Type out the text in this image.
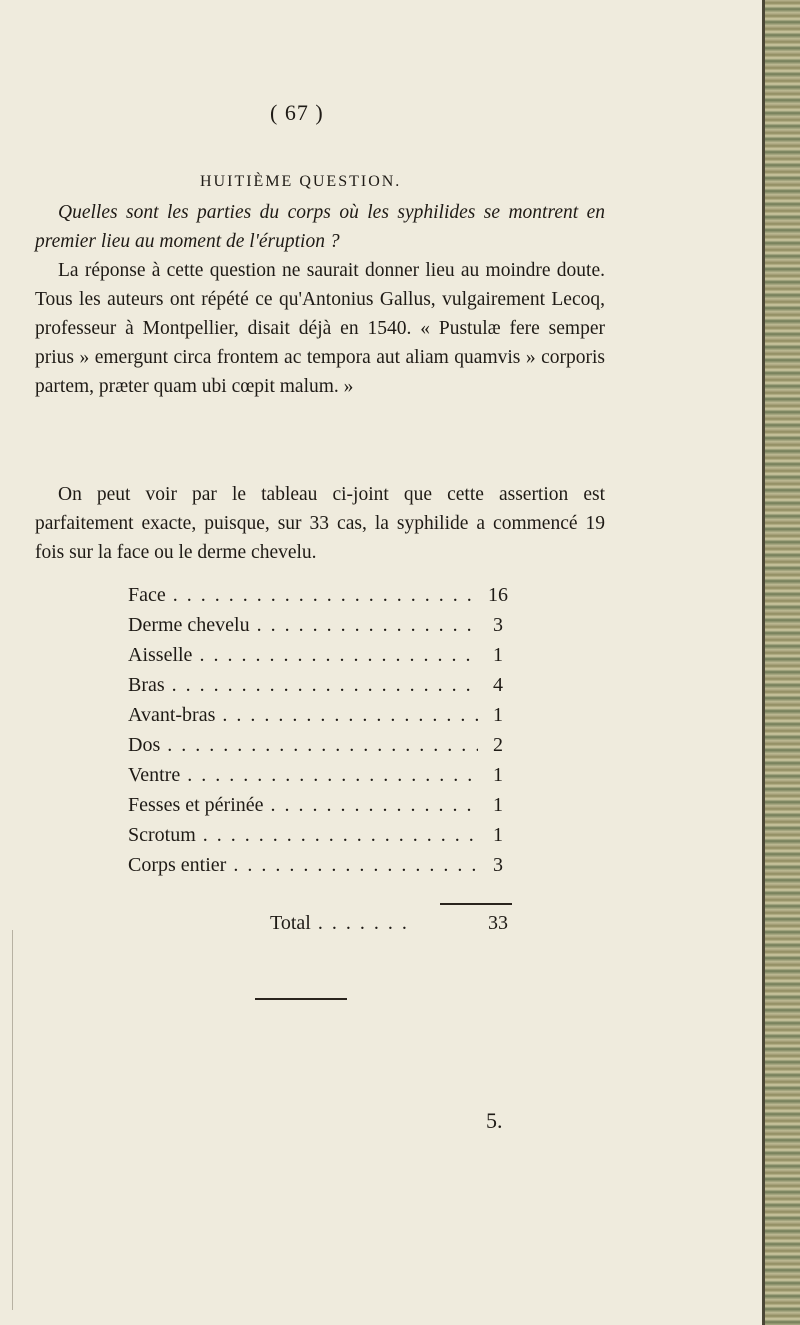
( 67 )
HUITIÈME QUESTION.
Quelles sont les parties du corps où les syphilides se montrent en premier lieu au moment de l'éruption ?
La réponse à cette question ne saurait donner lieu au moindre doute. Tous les auteurs ont répété ce qu'Antonius Gallus, vulgairement Lecoq, professeur à Montpellier, disait déjà en 1540. « Pustulæ fere semper prius » emergunt circa frontem ac tempora aut aliam quamvis » corporis partem, præter quam ubi cœpit malum. »
On peut voir par le tableau ci-joint que cette assertion est parfaitement exacte, puisque, sur 33 cas, la syphilide a commencé 19 fois sur la face ou le derme chevelu.
Face . . .	16
Derme chevelu . . .	3
Aisselle . . .	1
Bras . . .	4
Avant-bras . . .	1
Dos . . .	2
Ventre . . .	1
Fesses et périnée . . .	1
Scrotum . . .	1
Corps entier . . .	3
Total . . .	33
5.
